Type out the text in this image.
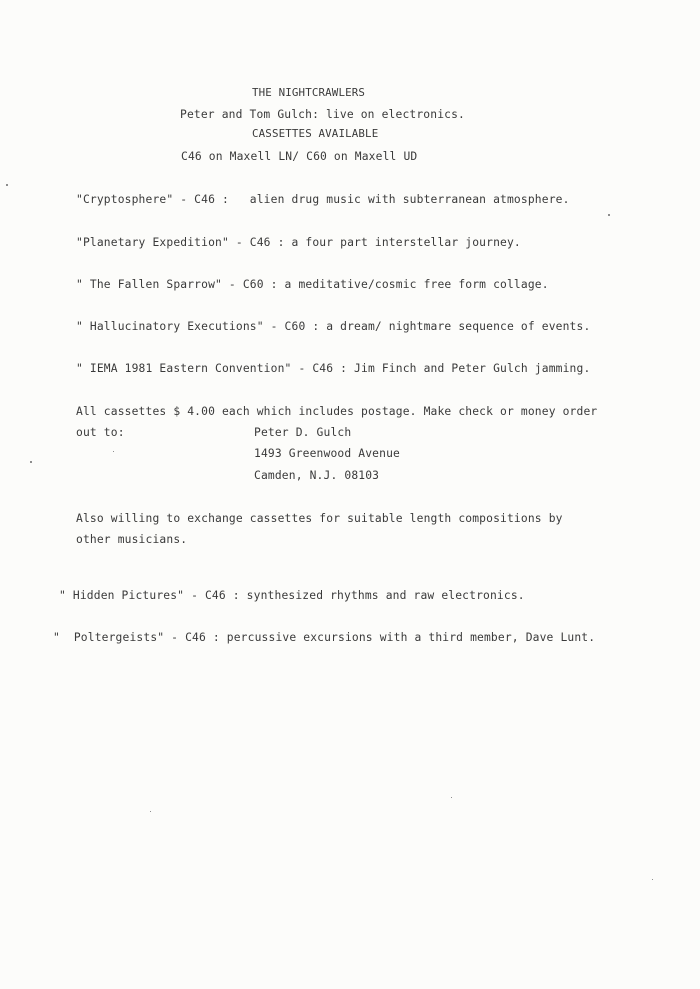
THE NIGHTCRAWLERS
Peter and Tom Gulch: live on electronics.
CASSETTES AVAILABLE
C46 on Maxell LN/ C60 on Maxell UD
"Cryptosphere" - C46 :   alien drug music with subterranean atmosphere.
"Planetary Expedition" - C46 : a four part interstellar journey.
" The Fallen Sparrow" - C60 : a meditative/cosmic free form collage.
" Hallucinatory Executions" - C60 : a dream/ nightmare sequence of events.
" IEMA 1981 Eastern Convention" - C46 : Jim Finch and Peter Gulch jamming.
All cassettes $ 4.00 each which includes postage. Make check or money order
out to:	Peter D. Gulch
1493 Greenwood Avenue
Camden, N.J. 08103
Also willing to exchange cassettes for suitable length compositions by
other musicians.
" Hidden Pictures" - C46 : synthesized rhythms and raw electronics.
"  Poltergeists" - C46 : percussive excursions with a third member, Dave Lunt.
